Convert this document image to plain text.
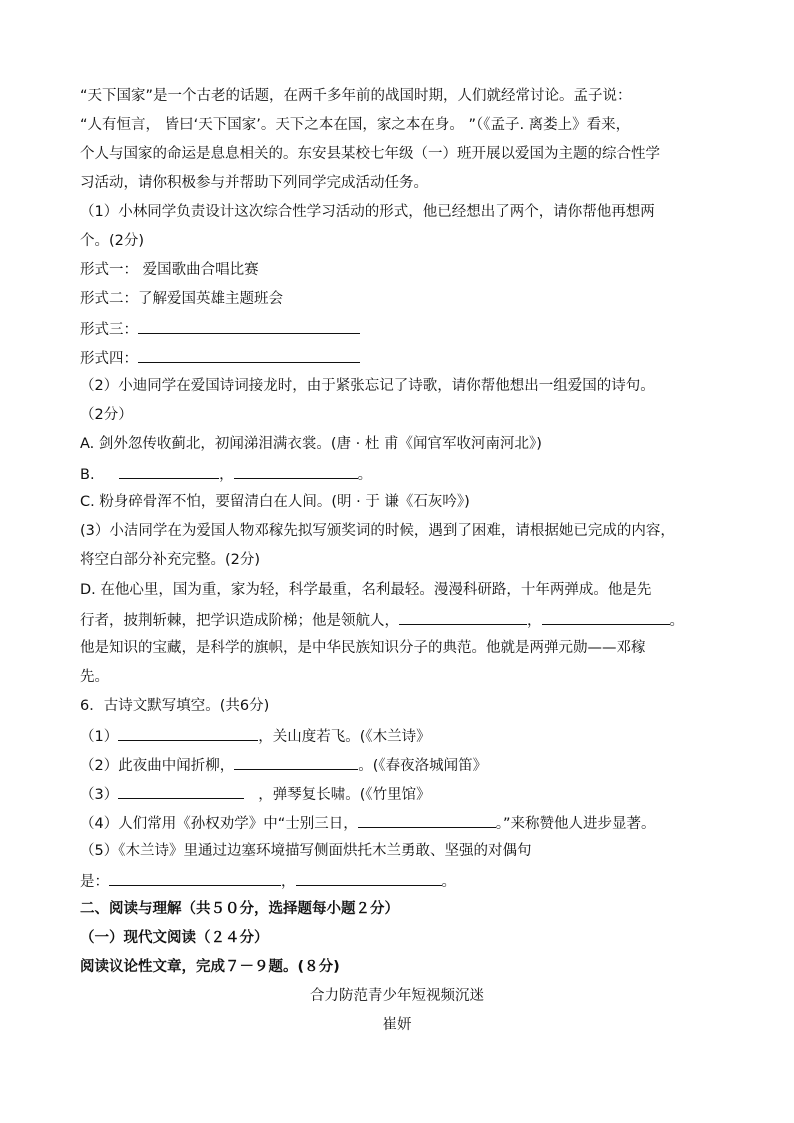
“天下国家”是一个古老的话题，在两千多年前的战国时期，人们就经常讨论。孟子说：
“人有恒言， 皆曰‘天下国家’。天下之本在国，家之本在身。 ”（《孟子. 离娄上》看来，
个人与国家的命运是息息相关的。东安县某校七年级（一）班开展以爱国为主题的综合性学
习活动，请你积极参与并帮助下列同学完成活动任务。
（1）小林同学负责设计这次综合性学习活动的形式，他已经想出了两个，请你帮他再想两
个。(2分)
形式一： 爱国歌曲合唱比赛
形式二：了解爱国英雄主题班会
形式三：
形式四：
（2）小迪同学在爱国诗词接龙时，由于紧张忘记了诗歌，请你帮他想出一组爱国的诗句。
（2分）
A. 剑外忽传收蓟北，初闻涕泪满衣裳。(唐 · 杜 甫《闻官军收河南河北》)
B.	，	。
C. 粉身碎骨浑不怕，要留清白在人间。(明 · 于 谦《石灰吟》)
(3）小洁同学在为爱国人物邓稼先拟写颁奖词的时候，遇到了困难，请根据她已完成的内容，
将空白部分补充完整。(2分)
D. 在他心里，国为重，家为轻，科学最重，名利最轻。漫漫科研路，十年两弹成。他是先
行者，披荆斩棘，把学识造成阶梯；他是领航人，	，	。
他是知识的宝藏，是科学的旗帜，是中华民族知识分子的典范。他就是两弹元勋——邓稼
先。
6．古诗文默写填空。(共6分)
（1）	，关山度若飞。(《木兰诗》
（2）此夜曲中闻折柳，	。(《春夜洛城闻笛》
（3）	，弹琴复长啸。(《竹里馆》
（4）人们常用《孙权劝学》中“士别三日，	。”来称赞他人进步显著。
（5）《木兰诗》里通过边塞环境描写侧面烘托木兰勇敢、坚强的对偶句
是：	，	。
二、阅读与理解（共５０分，选择题每小题２分）
（一）现代文阅读（２４分）
阅读议论性文章，完成７－９题。(８分)
合力防范青少年短视频沉迷
崔妍
